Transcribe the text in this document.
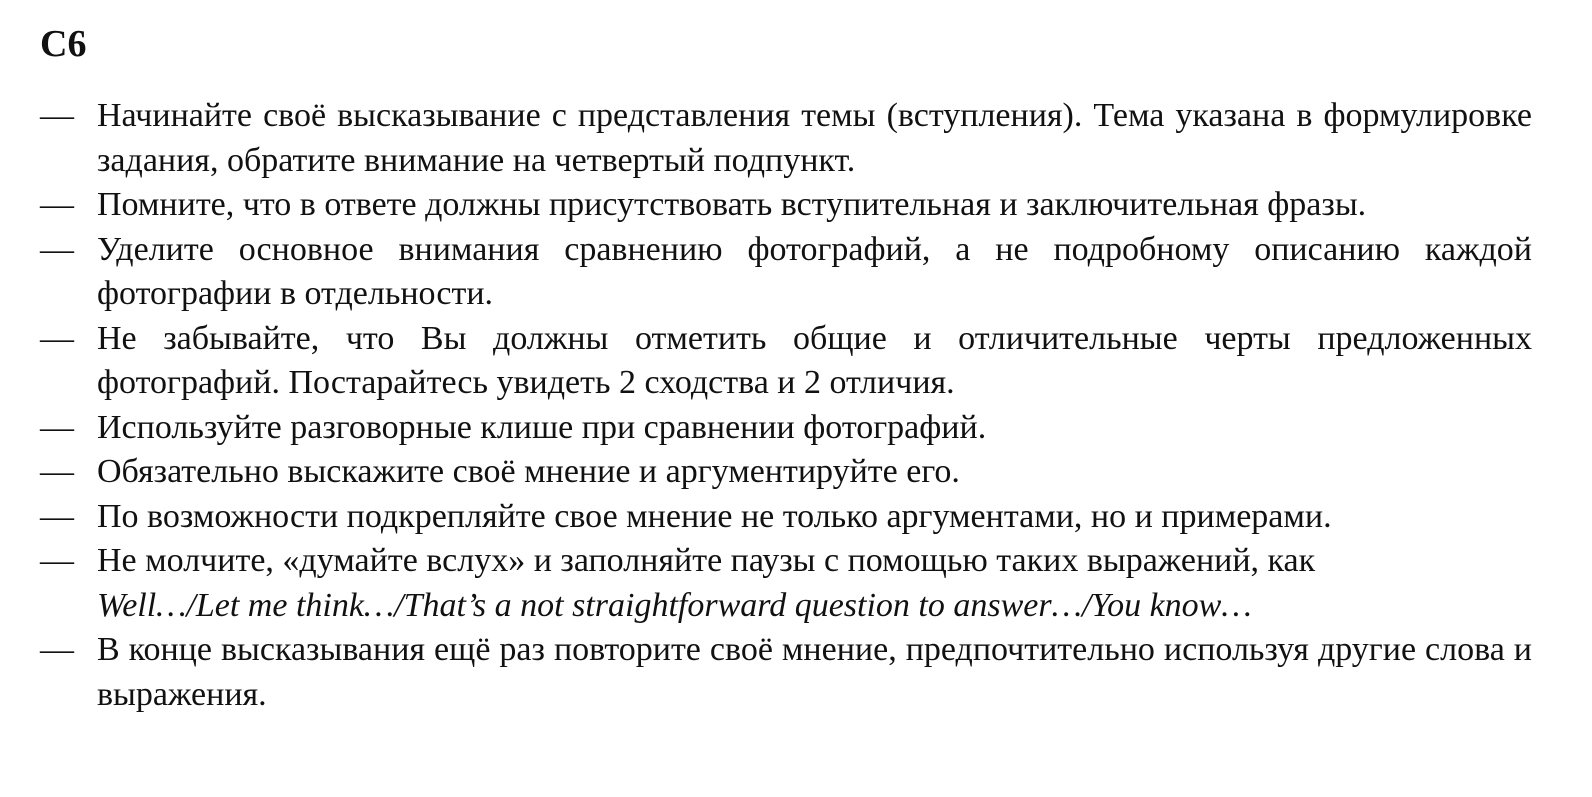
С6
— Начинайте своё высказывание с представления темы (вступления). Тема указана в формулировке задания, обратите внимание на четвертый подпункт.
— Помните, что в ответе должны присутствовать вступительная и заключительная фразы.
— Уделите основное внимания сравнению фотографий, а не подробному описанию каждой фотографии в отдельности.
— Не забывайте, что Вы должны отметить общие и отличительные черты предложенных фотографий. Постарайтесь увидеть 2 сходства и 2 отличия.
— Используйте разговорные клише при сравнении фотографий.
— Обязательно выскажите своё мнение и аргументируйте его.
— По возможности подкрепляйте свое мнение не только аргументами, но и примерами.
— Не молчите, «думайте вслух» и заполняйте паузы с помощью таких выражений, как
Well…/Let me think…/That’s a not straightforward question to answer…/You know…
— В конце высказывания ещё раз повторите своё мнение, предпочтительно используя другие слова и выражения.
